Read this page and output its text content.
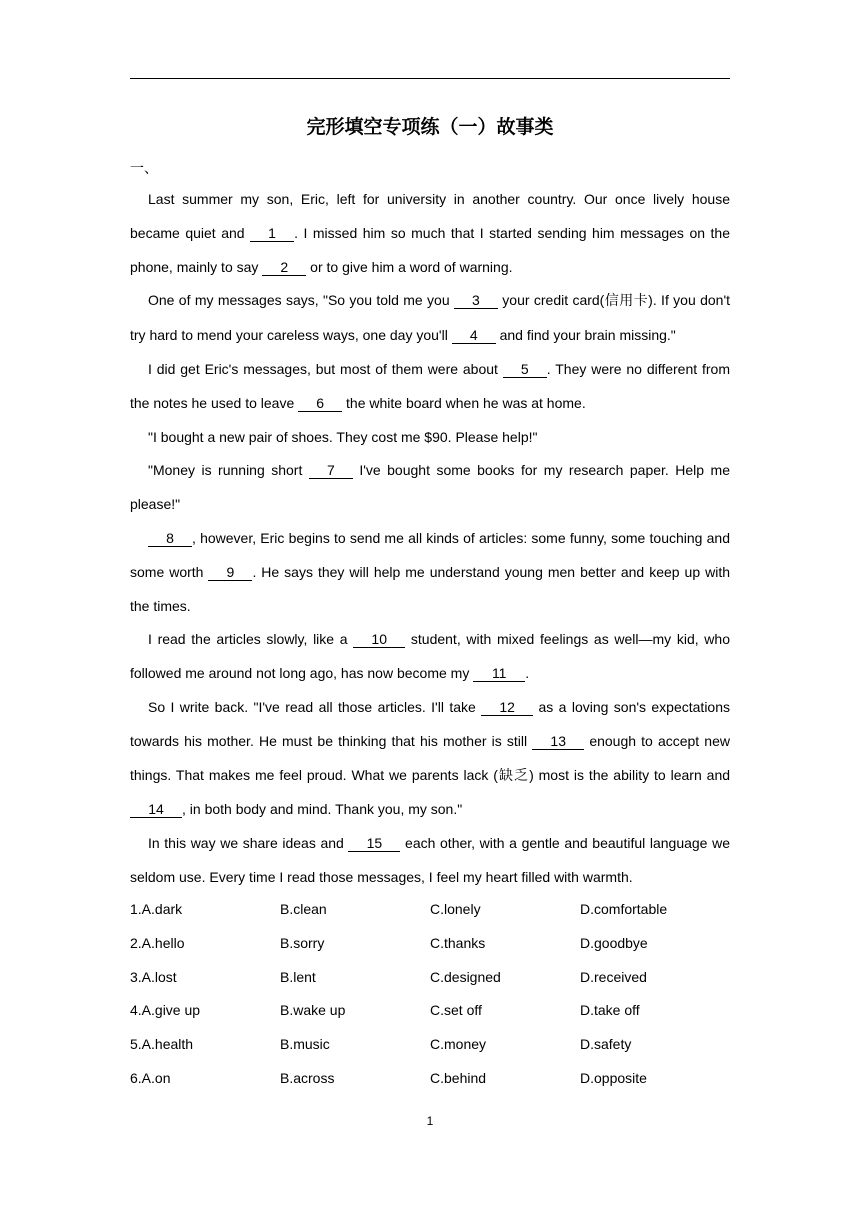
完形填空专项练（一）故事类
一、

Last summer my son, Eric, left for university in another country. Our once lively house became quiet and 1 . I missed him so much that I started sending him messages on the phone, mainly to say 2 or to give him a word of warning.

One of my messages says, "So you told me you 3 your credit card(信用卡). If you don't try hard to mend your careless ways, one day you'll 4 and find your brain missing."

I did get Eric's messages, but most of them were about 5 . They were no different from the notes he used to leave 6 the white board when he was at home.

"I bought a new pair of shoes. They cost me $90. Please help!"

"Money is running short 7 I've bought some books for my research paper. Help me please!"

8 , however, Eric begins to send me all kinds of articles: some funny, some touching and some worth 9 . He says they will help me understand young men better and keep up with the times.

I read the articles slowly, like a 10 student, with mixed feelings as well—my kid, who followed me around not long ago, has now become my 11 .

So I write back. "I've read all those articles. I'll take 12 as a loving son's expectations towards his mother. He must be thinking that his mother is still 13 enough to accept new things. That makes me feel proud. What we parents lack (缺乏) most is the ability to learn and 14 , in both body and mind. Thank you, my son."

In this way we share ideas and 15 each other, with a gentle and beautiful language we seldom use. Every time I read those messages, I feel my heart filled with warmth.

1.A.dark	B.clean	C.lonely	D.comfortable
2.A.hello	B.sorry	C.thanks	D.goodbye
3.A.lost	B.lent	C.designed	D.received
4.A.give up	B.wake up	C.set off	D.take off
5.A.health	B.music	C.money	D.safety
6.A.on	B.across	C.behind	D.opposite
1
